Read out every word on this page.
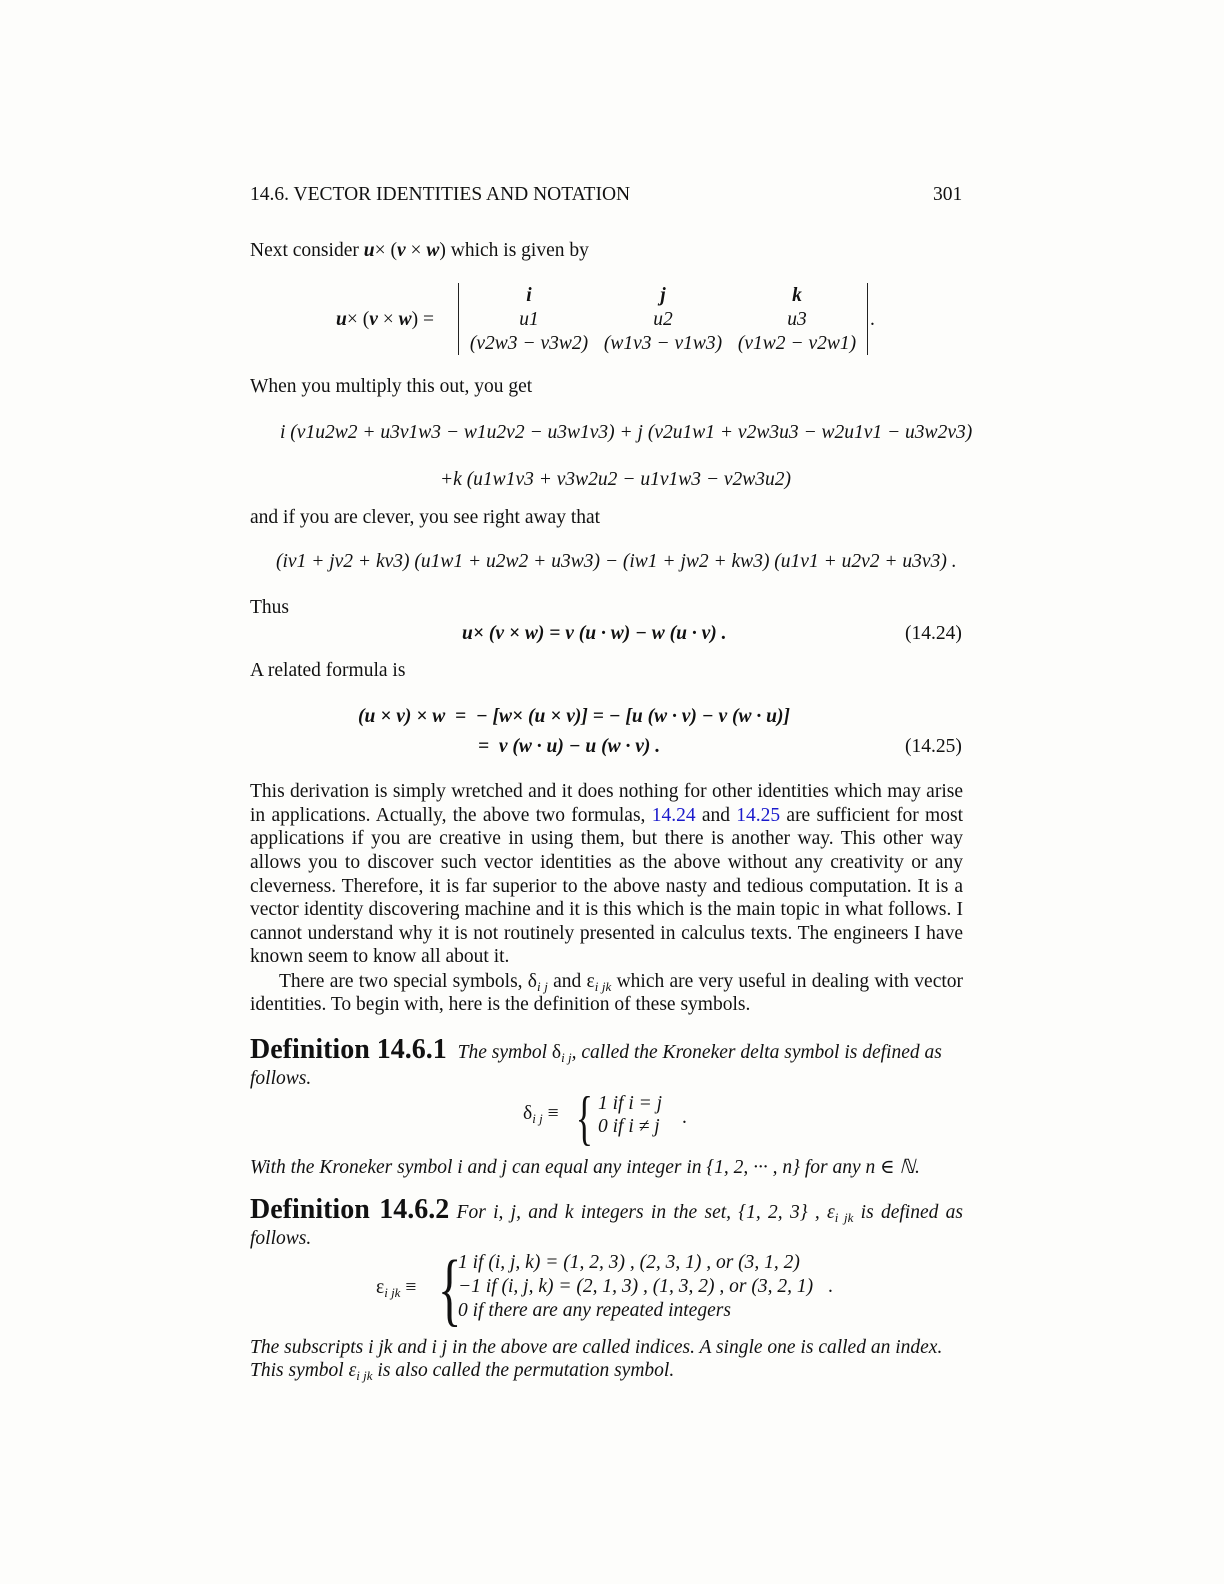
14.6. VECTOR IDENTITIES AND NOTATION	301
Next consider u× (v × w) which is given by
u× (v × w) =
i	j	k
u1	u2	u3
(v2w3 − v3w2) (w1v3 − v1w3) (v1w2 − v2w1)
.
When you multiply this out, you get
i (v1u2w2 + u3v1w3 − w1u2v2 − u3w1v3) + j (v2u1w1 + v2w3u3 − w2u1v1 − u3w2v3)
+k (u1w1v3 + v3w2u2 − u1v1w3 − v2w3u2)
and if you are clever, you see right away that
(iv1 + jv2 + kv3) (u1w1 + u2w2 + u3w3) − (iw1 + jw2 + kw3) (u1v1 + u2v2 + u3v3) .
Thus
u× (v × w) = v (u · w) − w (u · v) .	(14.24)
A related formula is
(u × v) × w  =  − [w× (u × v)] = − [u (w · v) − v (w · u)]
=  v (w · u) − u (w · v) .	(14.25)
This derivation is simply wretched and it does nothing for other identities which may arise
in applications. Actually, the above two formulas, 14.24 and 14.25 are sufficient for most
applications if you are creative in using them, but there is another way. This other way
allows you to discover such vector identities as the above without any creativity or any
cleverness. Therefore, it is far superior to the above nasty and tedious computation. It is a
vector identity discovering machine and it is this which is the main topic in what follows. I
cannot understand why it is not routinely presented in calculus texts. The engineers I have
known seem to know all about it.
There are two special symbols, $\delta_{i j}$ and $\varepsilon_{i jk}$ which are very useful in dealing with vector
identities. To begin with, here is the definition of these symbols.
Definition 14.6.1 The symbol $\delta_{i j}$, called the Kroneker delta symbol is defined as
follows.
$\delta_{i j}$ ≡ { 1 if i = j
0 if i ≠ j .
With the Kroneker symbol i and j can equal any integer in {1, 2, ··· , n} for any n ∈ ℕ.
Definition 14.6.2 For i, j, and k integers in the set, {1, 2, 3} , $\varepsilon_{i jk}$ is defined as
follows.
$\varepsilon_{i jk}$ ≡ {
1 if (i, j, k) = (1, 2, 3) , (2, 3, 1) , or (3, 1, 2)
−1 if (i, j, k) = (2, 1, 3) , (1, 3, 2) , or (3, 2, 1)
0 if there are any repeated integers
.
The subscripts i jk and i j in the above are called indices. A single one is called an index.
This symbol $\varepsilon_{i jk}$ is also called the permutation symbol.
